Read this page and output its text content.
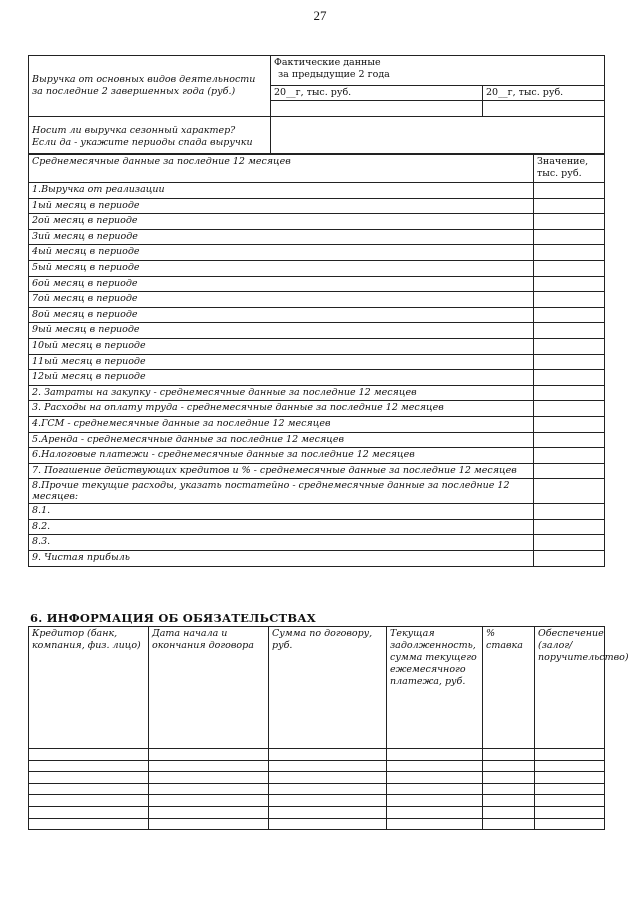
27
Выручка от основных видов деятельности за последние 2 завершенных года (руб.)	Фактические данные
за предыдущие 2 года	

	20__г, тыс. руб.	20__г, тыс. руб.

Носит ли выручка сезонный характер?
Если да - укажите периоды спада выручки		

Среднемесячные данные за последние 12 месяцев	Значение,
тыс. руб.

1.Выручка от реализации	
1ый месяц в периоде	
2ой месяц в периоде	
3ий месяц в периоде	
4ый месяц в периоде	
5ый месяц в периоде	
6ой месяц в периоде	
7ой месяц в периоде	
8ой месяц в периоде	
9ый месяц в периоде	
10ый месяц в периоде	
11ый месяц в периоде	
12ый месяц в периоде	
2. Затраты на закупку - среднемесячные данные за последние 12 месяцев	
3. Расходы на оплату труда - среднемесячные данные за последние 12 месяцев	
4.ГСМ - среднемесячные данные за последние 12 месяцев	
5.Аренда - среднемесячные данные за последние 12 месяцев	
6.Налоговые платежи - среднемесячные данные за последние 12 месяцев	
7. Погашение действующих кредитов и % - среднемесячные данные за последние 12 месяцев	
8.Прочие текущие расходы, указать постатейно - среднемесячные данные за последние 12 месяцев:	
8.1.	
8.2.	
8.3.	
9. Чистая прибыль	
6. ИНФОРМАЦИЯ ОБ ОБЯЗАТЕЛЬСТВАХ
Кредитор (банк, компания, физ. лицо)	Дата начала и окончания договора	Сумма по договору, руб.	Текущая задолженность, сумма текущего ежемесячного платежа, руб.	% ставка	Обеспечение (залог/поручительство)
